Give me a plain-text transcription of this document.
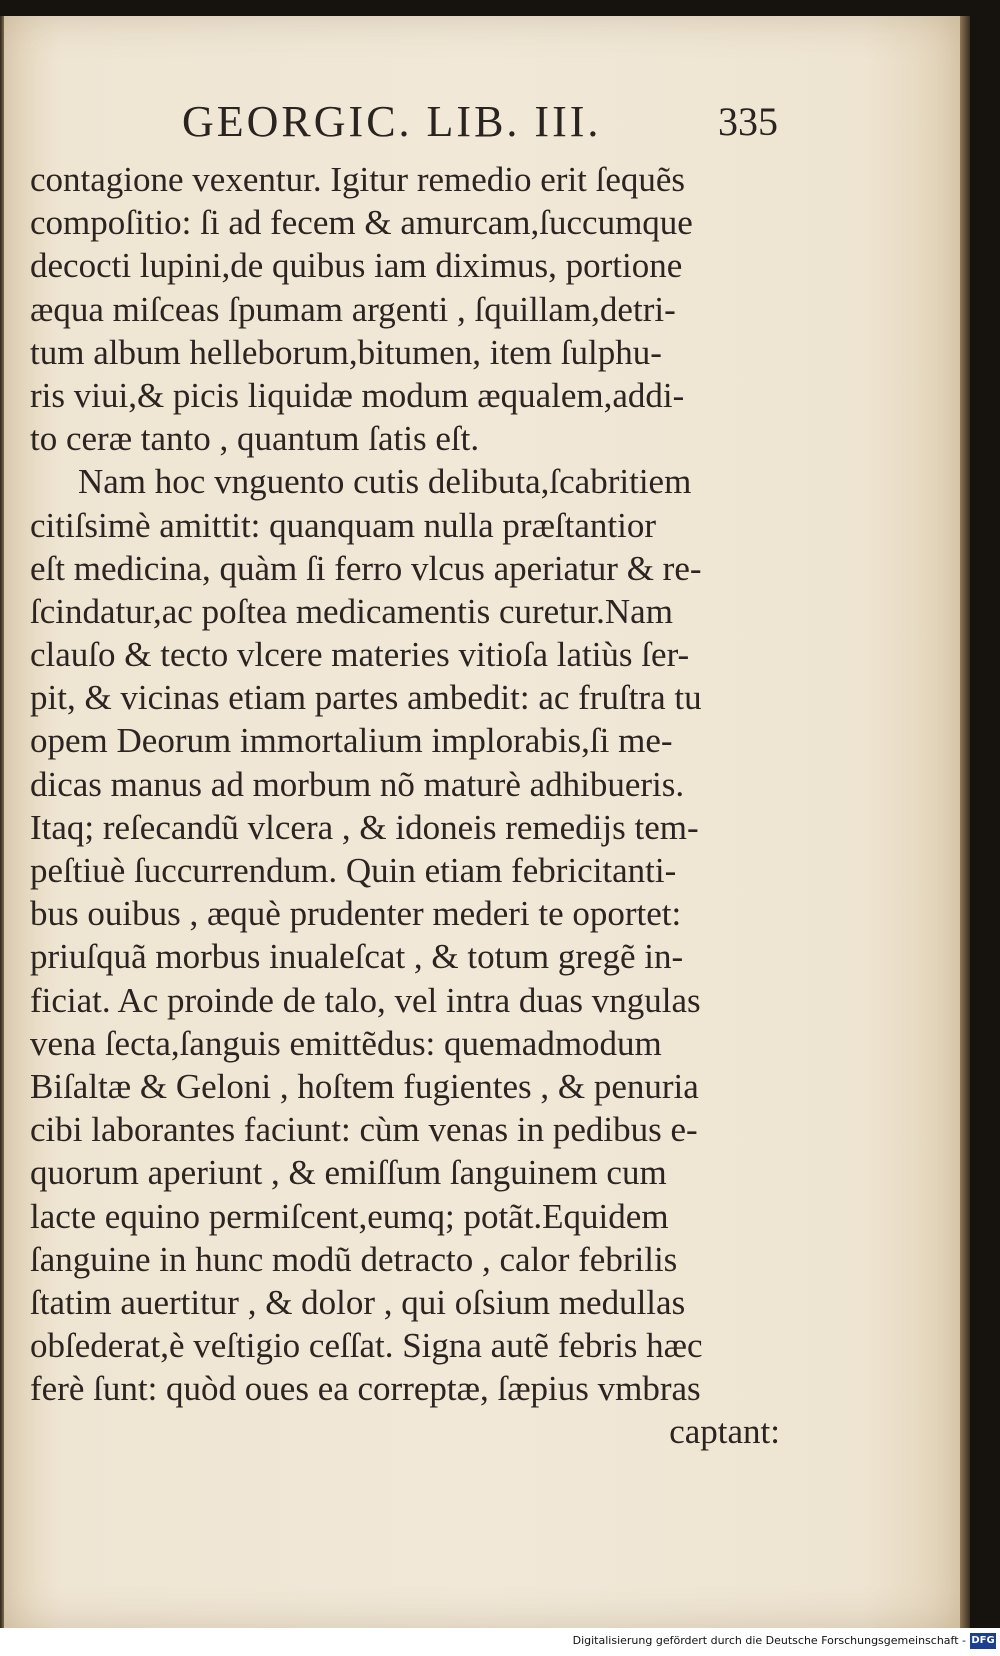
GEORGIC. LIB. III.	335
contagione vexentur. Igitur remedio erit ſequẽs
compoſitio: ſi ad fecem & amurcam,ſuccumque
decocti lupini,de quibus iam diximus, portione
æqua miſceas ſpumam argenti , ſquillam,detri-
tum album helleborum,bitumen, item ſulphu-
ris viui,& picis liquidæ modum æqualem,addi-
to ceræ tanto , quantum ſatis eſt.
Nam hoc vnguento cutis delibuta,ſcabritiem
citiſsimè amittit: quanquam nulla præſtantior
eſt medicina, quàm ſi ferro vlcus aperiatur & re-
ſcindatur,ac poſtea medicamentis curetur.Nam
clauſo & tecto vlcere materies vitioſa latiùs ſer-
pit, & vicinas etiam partes ambedit: ac fruſtra tu
opem Deorum immortalium implorabis,ſi me-
dicas manus ad morbum nõ maturè adhibueris.
Itaq; reſecandũ vlcera , & idoneis remedijs tem-
peſtiuè ſuccurrendum. Quin etiam febricitanti-
bus ouibus , æquè prudenter mederi te oportet:
priuſquã morbus inualeſcat , & totum gregẽ in-
ficiat. Ac proinde de talo, vel intra duas vngulas
vena ſecta,ſanguis emittẽdus: quemadmodum
Biſaltæ & Geloni , hoſtem fugientes , & penuria
cibi laborantes faciunt: cùm venas in pedibus e-
quorum aperiunt , & emiſſum ſanguinem cum
lacte equino permiſcent,eumq; potãt.Equidem
ſanguine in hunc modũ detracto , calor febrilis
ſtatim auertitur , & dolor , qui oſsium medullas
obſederat,è veſtigio ceſſat. Signa autẽ febris hæc
ferè ſunt: quòd oues ea correptæ, ſæpius vmbras
captant:
Digitalisierung gefördert durch die Deutsche Forschungsgemeinschaft - DFG
